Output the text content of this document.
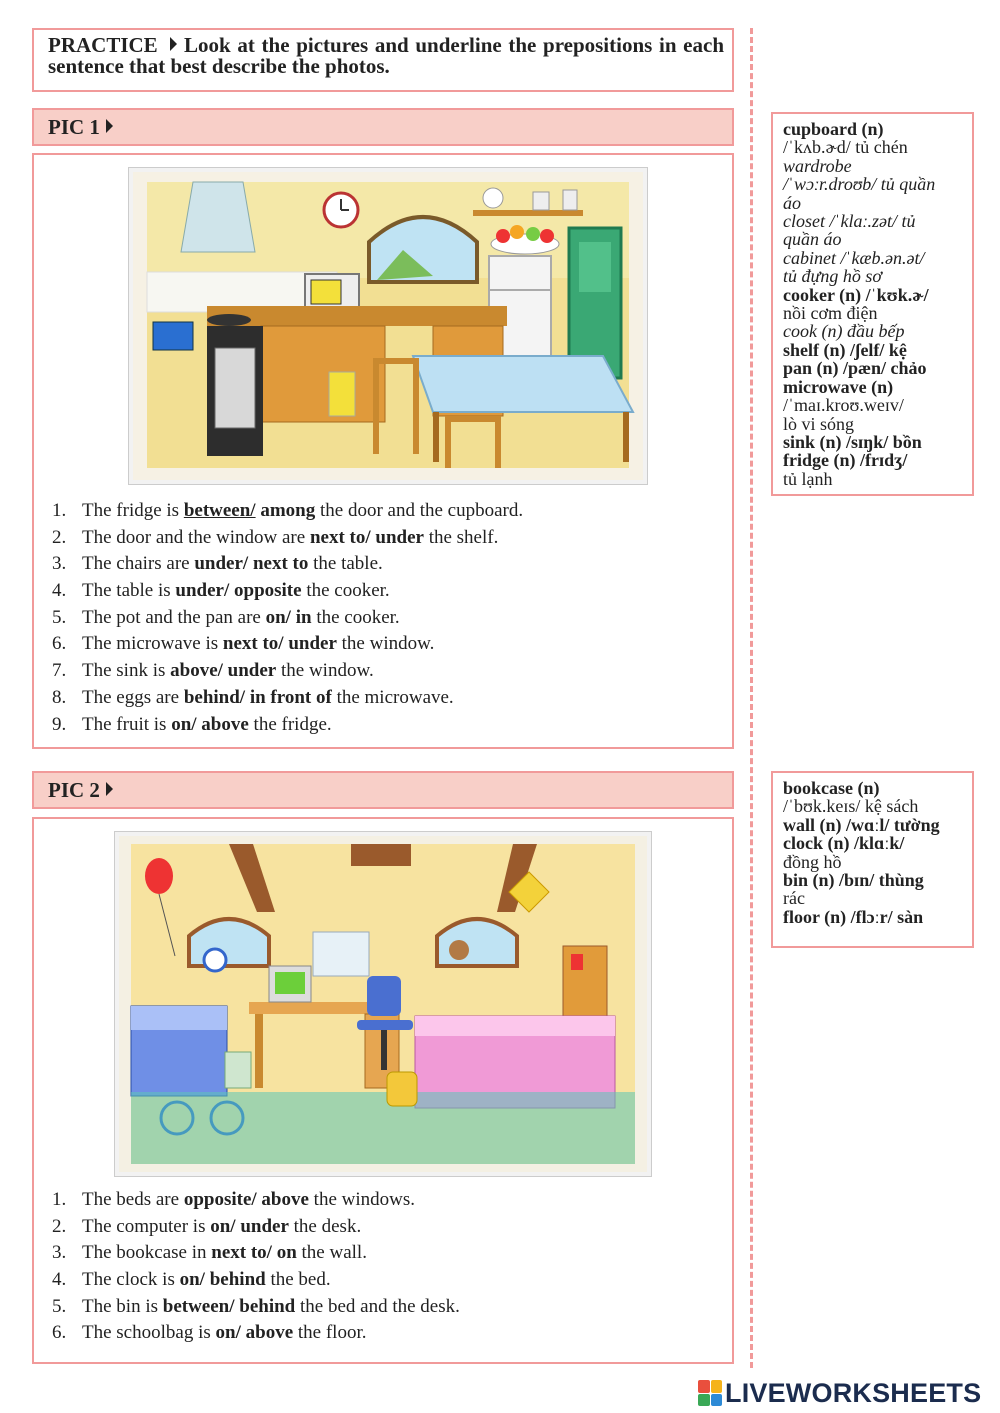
PRACTICE Look at the pictures and underline the prepositions in each sentence that best describe the photos.

PIC 1
1. The fridge is between/ among the door and the cupboard.
2. The door and the window are next to/ under the shelf.
3. The chairs are under/ next to the table.
4. The table is under/ opposite the cooker.
5. The pot and the pan are on/ in the cooker.
6. The microwave is next to/ under the window.
7. The sink is above/ under the window.
8. The eggs are behind/ in front of the microwave.
9. The fruit is on/ above the fridge.
PIC 2
1. The beds are opposite/ above the windows.
2. The computer is on/ under the desk.
3. The bookcase in next to/ on the wall.
4. The clock is on/ behind the bed.
5. The bin is between/ behind the bed and the desk.
6. The schoolbag is on/ above the floor.
cupboard (n)
/ˈkʌb.ɚd/ tủ chén
wardrobe
/ˈwɔːr.droʊb/ tủ quần
áo
closet /ˈklaː.zət/ tủ
quần áo
cabinet /ˈkæb.ən.ət/
tủ đựng hồ sơ
cooker (n) /ˈkʊk.ɚ/
nồi cơm điện
cook (n) đầu bếp
shelf (n) /ʃelf/ kệ
pan (n) /pæn/ chảo
microwave (n)
/ˈmaɪ.kroʊ.weɪv/
lò vi sóng
sink (n) /sɪŋk/ bồn
fridge (n) /frɪdʒ/
tủ lạnh
bookcase (n)
/ˈbʊk.keɪs/ kệ sách
wall (n) /wɑːl/ tường
clock (n) /klɑːk/
đồng hồ
bin (n) /bɪn/ thùng
rác
floor (n) /flɔːr/ sàn
LIVEWORKSHEETS
